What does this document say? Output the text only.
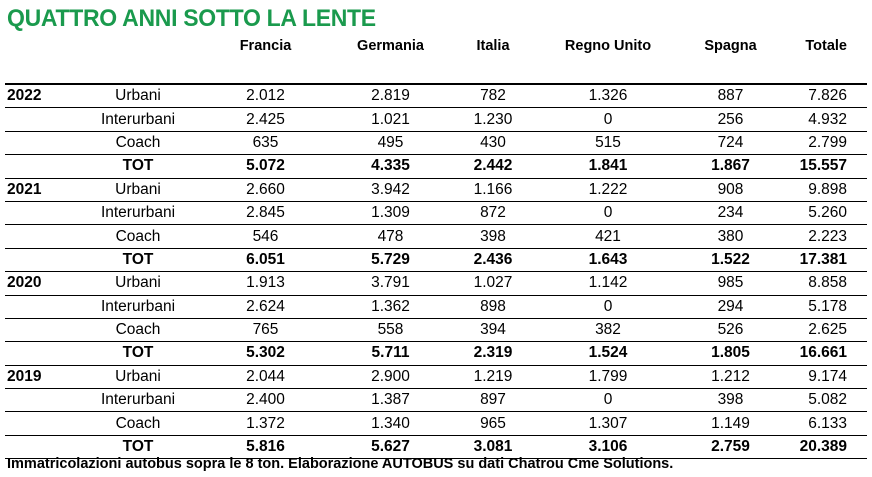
QUATTRO ANNI SOTTO LA LENTE
		Francia	Germania	Italia	Regno Unito	Spagna	Totale
2022	Urbani	2.012	2.819	782	1.326	887	7.826
	Interurbani	2.425	1.021	1.230	0	256	4.932
	Coach	635	495	430	515	724	2.799
	TOT	5.072	4.335	2.442	1.841	1.867	15.557
2021	Urbani	2.660	3.942	1.166	1.222	908	9.898
	Interurbani	2.845	1.309	872	0	234	5.260
	Coach	546	478	398	421	380	2.223
	TOT	6.051	5.729	2.436	1.643	1.522	17.381
2020	Urbani	1.913	3.791	1.027	1.142	985	8.858
	Interurbani	2.624	1.362	898	0	294	5.178
	Coach	765	558	394	382	526	2.625
	TOT	5.302	5.711	2.319	1.524	1.805	16.661
2019	Urbani	2.044	2.900	1.219	1.799	1.212	9.174
	Interurbani	2.400	1.387	897	0	398	5.082
	Coach	1.372	1.340	965	1.307	1.149	6.133
	TOT	5.816	5.627	3.081	3.106	2.759	20.389
Immatricolazioni autobus sopra le 8 ton. Elaborazione AUTOBUS su dati Chatrou Cme Solutions.
